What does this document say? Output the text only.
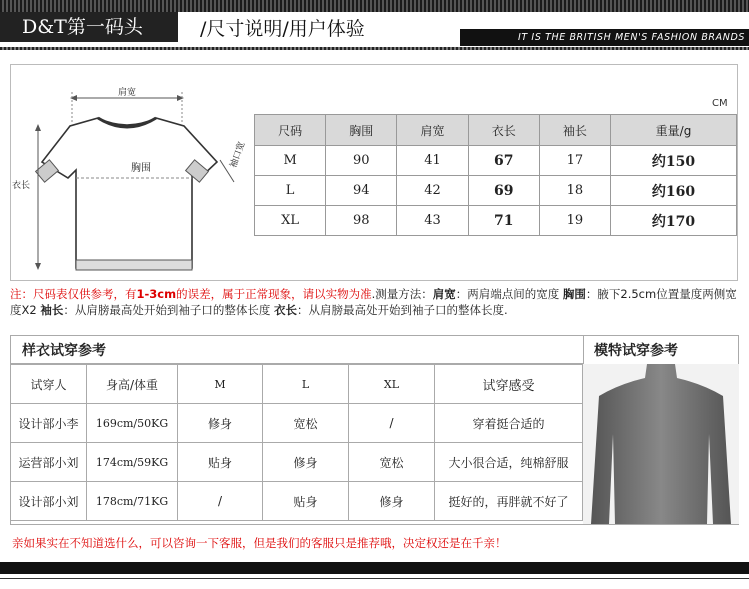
D&T第一码头	/尺寸说明/用户体验	IT IS THE BRITISH MEN'S FASHION BRANDS
肩宽
胸围
衣长
袖口宽
CM
尺码	胸围	肩宽	衣长	袖长	重量/g
M	90	41	67	17	约150
L	94	42	69	18	约160
XL	98	43	71	19	约170
注：尺码表仅供参考，有1-3cm的误差，属于正常现象，请以实物为准.测量方法：肩宽：两肩端点间的宽度 胸围：腋下2.5cm位置量度两侧宽度X2 袖长：从肩膀最高处开始到袖子口的整体长度 衣长：从肩膀最高处开始到袖子口的整体长度.
样衣试穿参考	模特试穿参考
试穿人	身高/体重	M	L	XL	试穿感受
设计部小李	169cm/50KG	修身	宽松	/	穿着挺合适的
运营部小刘	174cm/59KG	贴身	修身	宽松	大小很合适，纯棉舒服
设计部小刘	178cm/71KG	/	贴身	修身	挺好的，再胖就不好了
亲如果实在不知道选什么，可以咨询一下客服，但是我们的客服只是推荐哦，决定权还是在千亲！
